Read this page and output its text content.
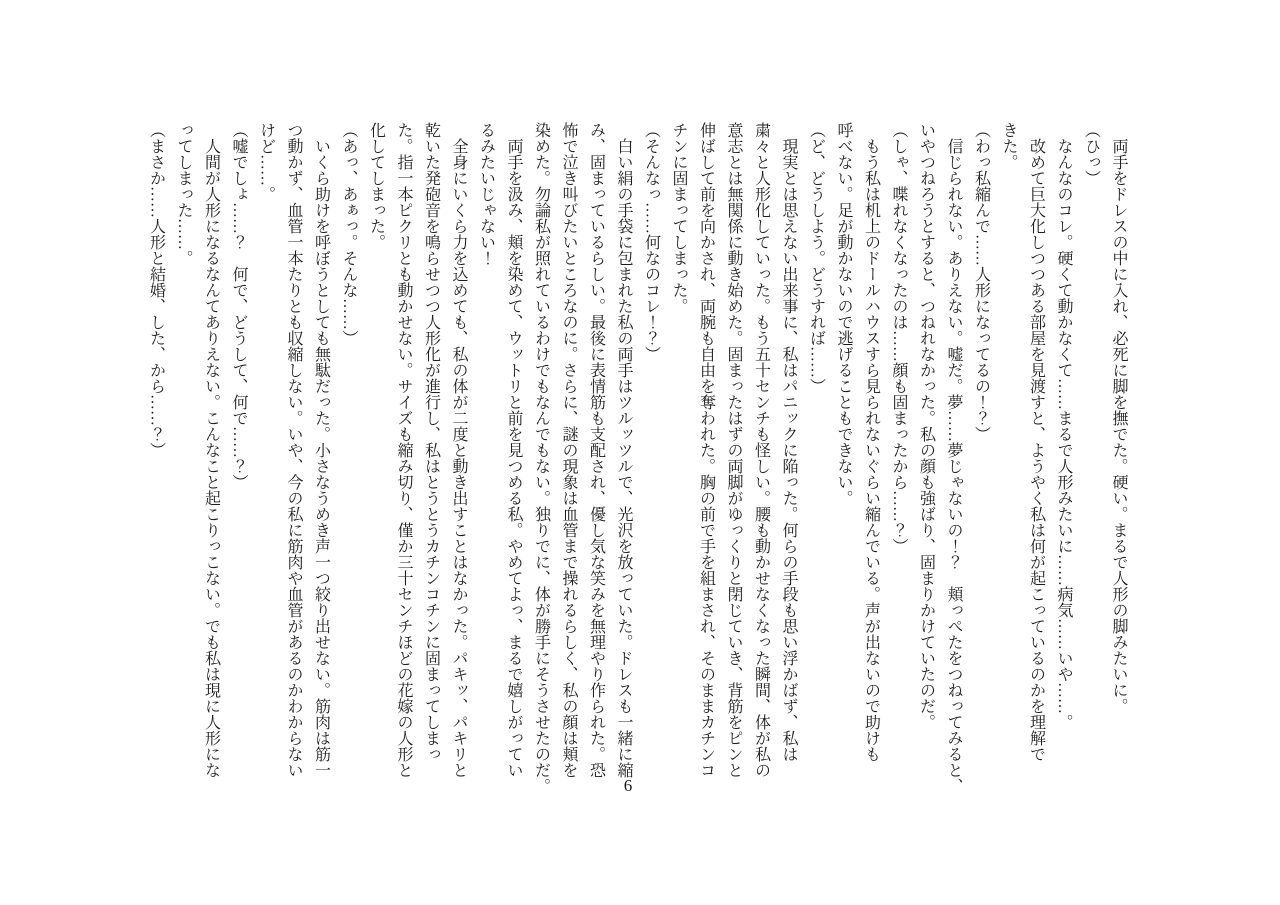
両手をドレスの中に入れ、必死に脚を撫でた。硬い。まるで人形の脚みたいに。

（ひっ）

なんなのコレ。硬くて動かなくて……まるで人形みたいに……病気……いや……。

改めて巨大化しつつある部屋を見渡すと、ようやく私は何が起こっているのかを理解で

きた。

（わっ私縮んで……人形になってるの！？）

信じられない。ありえない。嘘だ。夢……夢じゃないの！？　頬っぺたをつねってみると、

いやつねろうとすると、つねれなかった。私の顔も強ばり、固まりかけていたのだ。

（しゃ、喋れなくなったのは……顔も固まったから……？）

もう私は机上のドールハウスすら見られないぐらい縮んでいる。声が出ないので助けも

呼べない。足が動かないので逃げることもできない。

（ど、どうしよう。どうすれば……）

現実とは思えない出来事に、私はパニックに陥った。何らの手段も思い浮かばず、私は

粛々と人形化していった。もう五十センチも怪しい。腰も動かせなくなった瞬間、体が私の

意志とは無関係に動き始めた。固まったはずの両脚がゆっくりと閉じていき、背筋をピンと

伸ばして前を向かされ、両腕も自由を奪われた。胸の前で手を組まされ、そのままカチンコ

チンに固まってしまった。

（そんなっ……何なのコレ！？）

白い絹の手袋に包まれた私の両手はツルッツルで、光沢を放っていた。ドレスも一緒に縮

み、固まっているらしい。最後に表情筋も支配され、優し気な笑みを無理やり作られた。恐

怖で泣き叫びたいところなのに。さらに、謎の現象は血管まで操れるらしく、私の顔は頬を

染めた。勿論私が照れているわけでもなんでもない。独りでに、体が勝手にそうさせたのだ。

両手を汲み、頬を染めて、ウットリと前を見つめる私。やめてよっ、まるで嬉しがってい

るみたいじゃない！

全身にいくら力を込めても、私の体が二度と動き出すことはなかった。パキッ、パキリと

乾いた発砲音を鳴らせつつ人形化が進行し、私はとうとうカチンコチンに固まってしまっ

た。指一本ピクリとも動かせない。サイズも縮み切り、僅か三十センチほどの花嫁の人形と

化してしまった。

（あっ、あぁっ。そんな……）

いくら助けを呼ぼうとしても無駄だった。小さなうめき声一つ絞り出せない。筋肉は筋一

つ動かず、血管一本たりとも収縮しない。いや、今の私に筋肉や血管があるのかわからない

けど……。

（嘘でしょ……？　何で、どうして、何で……？）

人間が人形になるなんてありえない。こんなこと起こりっこない。でも私は現に人形にな

ってしまった……。

（まさか……人形と結婚、した、から……？）

6
